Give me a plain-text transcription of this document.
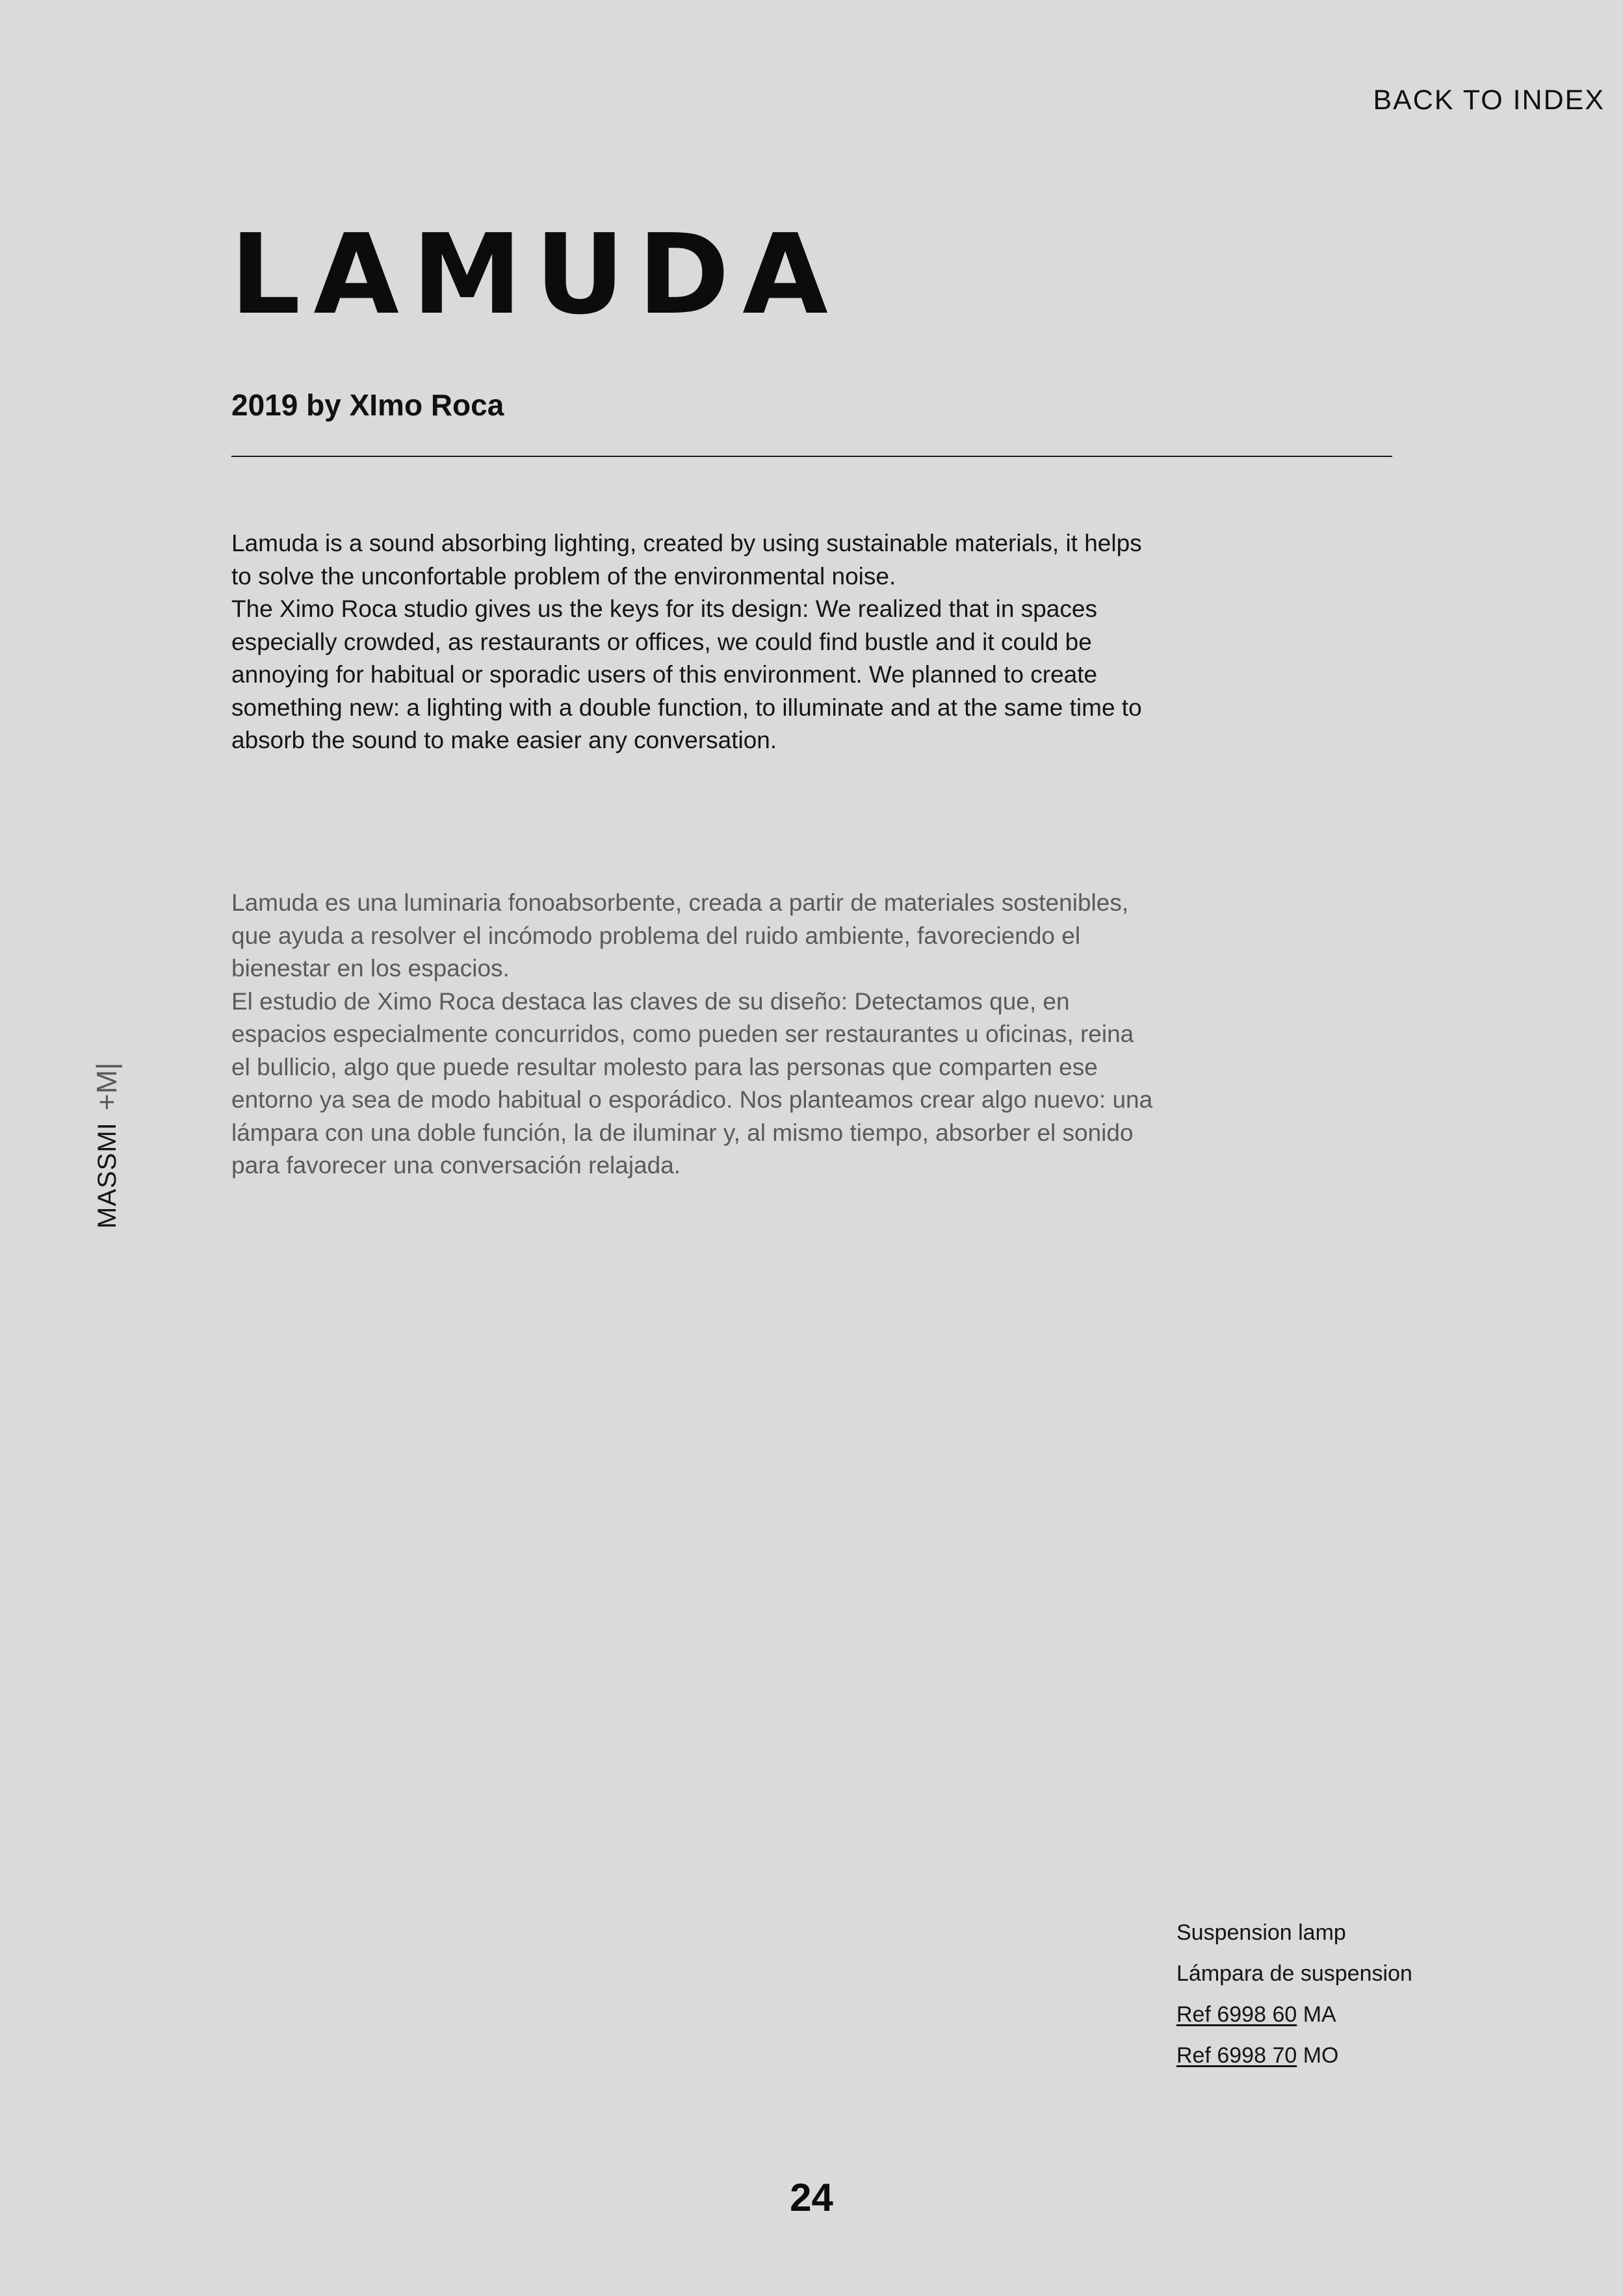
BACK TO INDEX
LAMUDA
2019 by XImo Roca

Lamuda is a sound absorbing lighting, created by using sustainable materials, it helps to solve the unconfortable problem of the environmental noise.

The Ximo Roca studio gives us the keys for its design: We realized that in spaces especially crowded, as restaurants or offices, we could find bustle and it could be annoying for habitual or sporadic users of this environment. We planned to create something new: a lighting with a double function, to illuminate and at the same time to absorb the sound to make easier any conversation.

Lamuda es una luminaria fonoabsorbente, creada a partir de materiales sostenibles, que ayuda a resolver el incómodo problema del ruido ambiente, favoreciendo el bienestar en los espacios.

El estudio de Ximo Roca destaca las claves de su diseño: Detectamos que, en espacios especialmente concurridos, como pueden ser restaurantes u oficinas, reina el bullicio, algo que puede resultar molesto para las personas que comparten ese entorno ya sea de modo habitual o esporádico. Nos planteamos crear algo nuevo: una lámpara con una doble función, la de iluminar y, al mismo tiempo, absorber el sonido para favorecer una conversación relajada.

MASSMI
+M|
Suspension lamp
Lámpara de suspension
Ref 6998 60 MA
Ref 6998 70 MO
24
